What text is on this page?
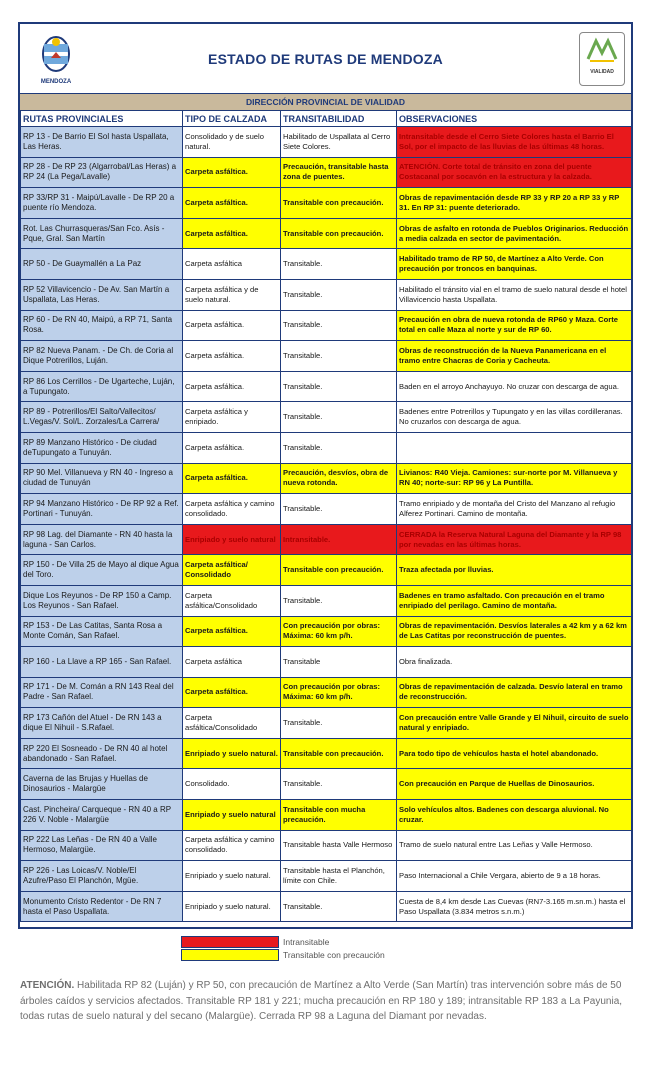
MENDOZA
ESTADO DE RUTAS DE MENDOZA
VIALIDAD
DIRECCIÓN PROVINCIAL DE VIALIDAD
RUTAS PROVINCIALES	TIPO DE CALZADA	TRANSITABILIDAD	OBSERVACIONES
RP 13 - De Barrio El Sol hasta Uspallata, Las Heras.	Consolidado y de suelo natural.	Habilitado de Uspallata al Cerro Siete Colores.	Intransitable desde el Cerro Siete Colores hasta el Barrio El Sol, por el impacto de las lluvias de las últimas 48 horas.
RP 28 - De RP 23 (Algarrobal/Las Heras) a RP 24 (La Pega/Lavalle)	Carpeta asfáltica.	Precaución, transitable hasta zona de puentes.	ATENCIÓN. Corte total de tránsito en zona del puente Costacanal por socavón en la estructura y la calzada.
RP 33/RP 31 - Maipú/Lavalle - De RP 20 a puente río Mendoza.	Carpeta asfáltica.	Transitable con precaución.	Obras de repavimentación desde RP 33 y RP 20 a RP 33 y RP 31. En RP 31: puente deteriorado.
Rot. Las Churrasqueras/San Fco. Asís - Pque, Gral. San Martín	Carpeta asfáltica.	Transitable con precaución.	Obras de asfalto en rotonda de Pueblos Originarios. Reducción a media calzada en sector de pavimentación.
RP 50 - De Guaymallén a La Paz	Carpeta asfáltica	Transitable.	Habilitado tramo de RP 50, de Martínez a Alto Verde. Con precaución por troncos en banquinas.
RP 52 Villavicencio - De Av. San Martín a Uspallata, Las Heras.	Carpeta asfáltica y de suelo natural.	Transitable.	Habilitado el tránsito vial en el tramo de suelo natural desde el hotel Villavicencio hasta Uspallata.
RP 60 - De RN 40, Maipú, a RP 71, Santa Rosa.	Carpeta asfáltica.	Transitable.	Precaución en obra de nueva rotonda de RP60 y Maza. Corte total en calle Maza al norte y sur de RP 60.
RP 82 Nueva Panam. - De Ch. de Coria al Dique Potrerillos, Luján.	Carpeta asfáltica.	Transitable.	Obras de reconstrucción de la Nueva Panamericana en el tramo entre Chacras de Coria y Cacheuta.
RP 86 Los Cerrillos - De Ugarteche, Luján, a Tupungato.	Carpeta asfáltica.	Transitable.	Baden en el arroyo Anchayuyo. No cruzar con descarga de agua.
RP 89 - Potrerillos/El Salto/Vallecitos/ L.Vegas/V. Sol/L. Zorzales/La Carrera/	Carpeta asfáltica y enripiado.	Transitable.	Badenes entre Potrerillos y Tupungato y en las villas cordilleranas. No cruzarlos con descarga de agua.
RP 89 Manzano Histórico - De ciudad deTupungato a Tunuyán.	Carpeta asfáltica.	Transitable.	
RP 90 Mel. Villanueva y RN 40 - Ingreso a ciudad de Tunuyán	Carpeta asfáltica.	Precaución, desvíos, obra de nueva rotonda.	Livianos: R40 Vieja. Camiones: sur-norte por M. Villanueva y RN 40; norte-sur: RP 96 y La Puntilla.
RP 94 Manzano Histórico - De RP 92 a Ref. Portinari - Tunuyán.	Carpeta asfáltica y camino consolidado.	Transitable.	Tramo enripiado y de montaña del Cristo del Manzano al refugio Alferez Portinari. Camino de montaña.
RP 98 Lag. del Diamante - RN 40 hasta la laguna - San Carlos.	Enripiado y suelo natural	Intransitable.	CERRADA la Reserva Natural Laguna del Diamante y la RP 98 por nevadas en las últimas horas.
RP 150 - De Villa 25 de Mayo al dique Agua del Toro.	Carpeta asfáltica/ Consolidado	Transitable con precaución.	Traza afectada por lluvias.
Dique Los Reyunos - De RP 150 a Camp. Los Reyunos - San Rafael.	Carpeta asfáltica/Consolidado	Transitable.	Badenes en tramo asfaltado. Con precaución en el tramo enripiado del perilago. Camino de montaña.
RP 153 - De Las Catitas, Santa Rosa a Monte Comán, San Rafael.	Carpeta asfáltica.	Con precaución por obras: Máxima: 60 km p/h.	Obras de repavimentación. Desvíos laterales a 42 km y a 62 km de Las Catitas por reconstrucción de puentes.
RP 160 - La Llave a RP 165 - San Rafael.	Carpeta asfáltica	Transitable	Obra finalizada.
RP 171 - De M. Comán a RN 143 Real del Padre - San Rafael.	Carpeta asfáltica.	Con precaución por obras: Máxima: 60 km p/h.	Obras de repavimentación de calzada. Desvío lateral en tramo de reconstrucción.
RP 173 Cañón del Atuel - De RN 143 a dique El Nihuil - S.Rafael.	Carpeta asfáltica/Consolidado	Transitable.	Con precaución entre Valle Grande y El Nihuil, circuito de suelo natural y enripiado.
RP 220 El Sosneado - De RN 40 al hotel abandonado - San Rafael.	Enripiado y suelo natural.	Transitable con precaución.	Para todo tipo de vehículos hasta el hotel abandonado.
Caverna de las Brujas y Huellas de Dinosaurios - Malargüe	Consolidado.	Transitable.	Con precaución en Parque de Huellas de Dinosaurios.
Cast. Pincheira/ Carqueque - RN 40 a RP 226 V. Noble - Malargüe	Enripiado y suelo natural	Transitable con mucha precaución.	Solo vehículos altos. Badenes con descarga aluvional. No cruzar.
RP 222 Las Leñas - De RN 40 a Valle Hermoso, Malargüe.	Carpeta asfáltica y camino consolidado.	Transitable hasta Valle Hermoso	Tramo de suelo natural entre Las Leñas y Valle Hermoso.
RP 226 - Las Loicas/V. Noble/El Azufre/Paso El Planchón, Mgüe.	Enripiado y suelo natural.	Transitable hasta el Planchón, límite con Chile.	Paso Internacional a Chile Vergara, abierto de 9 a 18 horas.
Monumento Cristo Redentor - De RN 7 hasta el Paso Uspallata.	Enripiado y suelo natural.	Transitable.	Cuesta de 8,4 km desde Las Cuevas (RN7-3.165 m.sn.m.) hasta el Paso Uspallata (3.834 metros s.n.m.)
Intransitable
Transitable con precaución
ATENCIÓN. Habilitada RP 82 (Luján) y RP 50, con precaución de Martínez a Alto Verde (San Martín) tras intervención sobre más de 50 árboles caídos y servicios afectados. Transitable RP 181 y 221; mucha precaución en RP 180 y 189; intransitable RP 183 a La Payunia, todas rutas de suelo natural y del secano (Malargüe). Cerrada RP 98 a Laguna del Diamant por nevadas.
